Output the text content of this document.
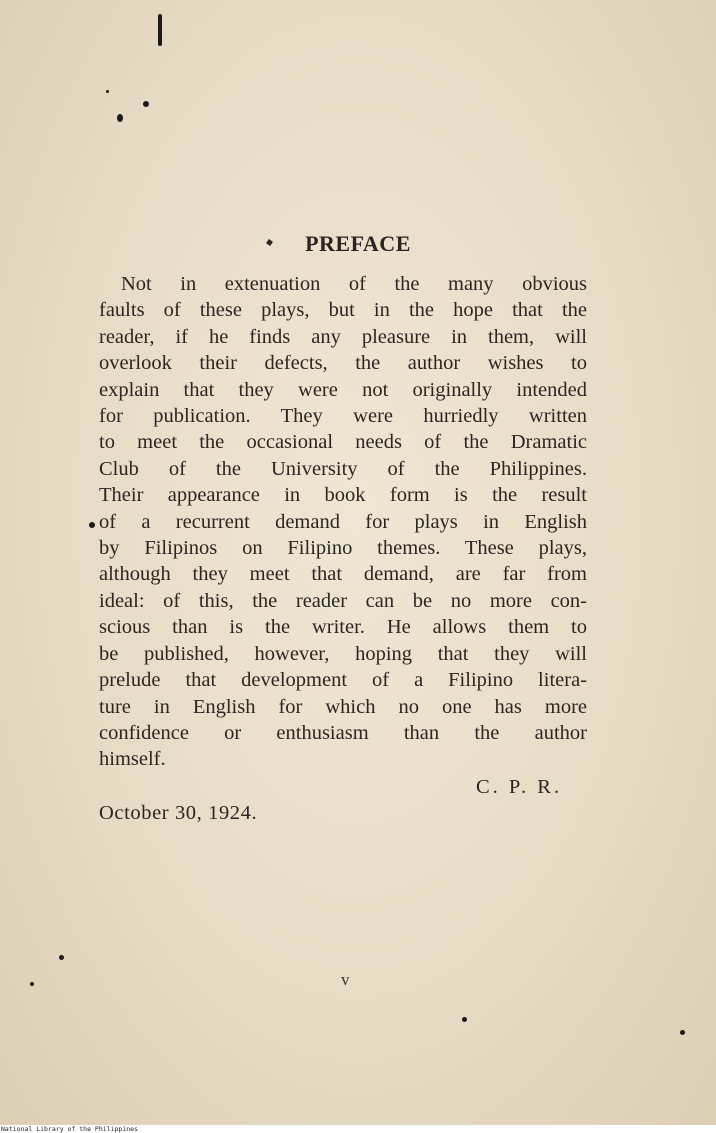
PREFACE
Not in extenuation of the many obvious
faults of these plays, but in the hope that the
reader, if he finds any pleasure in them, will
overlook their defects, the author wishes to
explain that they were not originally intended
for publication. They were hurriedly written
to meet the occasional needs of the Dramatic
Club of the University of the Philippines.
Their appearance in book form is the result
of a recurrent demand for plays in English
by Filipinos on Filipino themes. These plays,
although they meet that demand, are far from
ideal: of this, the reader can be no more con-
scious than is the writer. He allows them to
be published, however, hoping that they will
prelude that development of a Filipino litera-
ture in English for which no one has more
confidence or enthusiasm than the author
himself.
C. P. R.
October 30, 1924.
v
National Library of the Philippines
